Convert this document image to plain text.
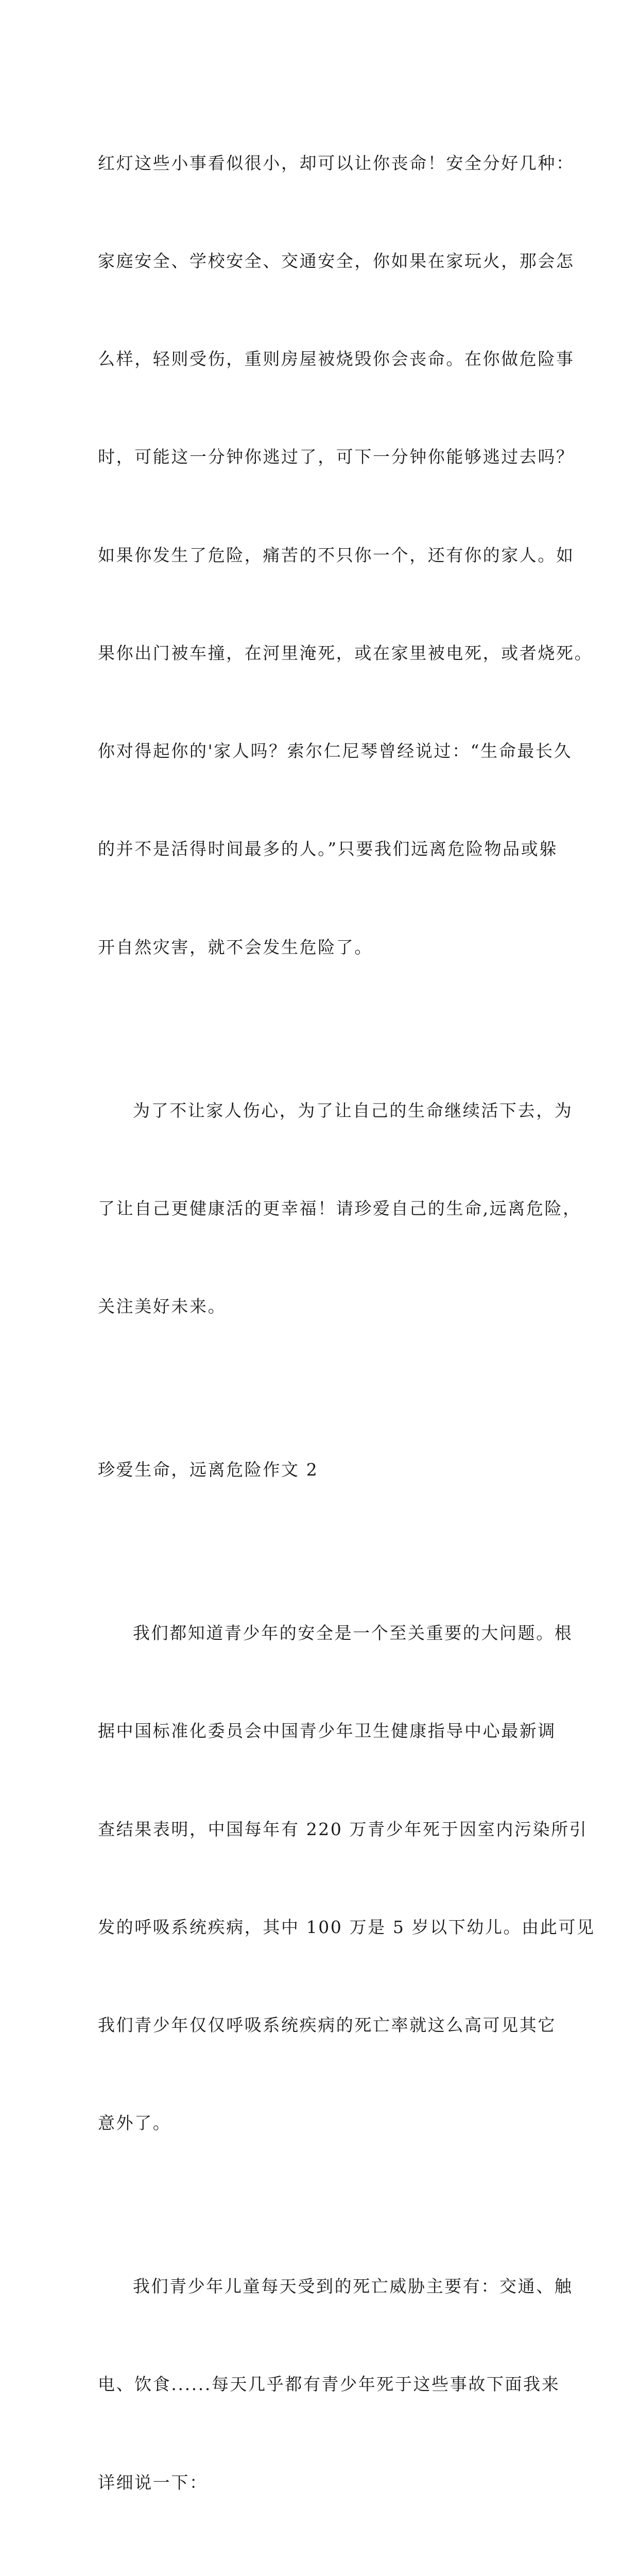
红灯这些小事看似很小，却可以让你丧命！安全分好几种：

家庭安全、学校安全、交通安全，你如果在家玩火，那会怎

么样，轻则受伤，重则房屋被烧毁你会丧命。在你做危险事

时，可能这一分钟你逃过了，可下一分钟你能够逃过去吗？

如果你发生了危险，痛苦的不只你一个，还有你的家人。如

果你出门被车撞，在河里淹死，或在家里被电死，或者烧死。

你对得起你的'家人吗？索尔仁尼琴曾经说过：“生命最长久

的并不是活得时间最多的人。”只要我们远离危险物品或躲

开自然灾害，就不会发生危险了。

为了不让家人伤心，为了让自己的生命继续活下去，为

了让自己更健康活的更幸福！请珍爱自己的生命,远离危险，

关注美好未来。

珍爱生命，远离危险作文 2

我们都知道青少年的安全是一个至关重要的大问题。根

据中国标准化委员会中国青少年卫生健康指导中心最新调

查结果表明，中国每年有 220 万青少年死于因室内污染所引

发的呼吸系统疾病，其中 100 万是 5 岁以下幼儿。由此可见

我们青少年仅仅呼吸系统疾病的死亡率就这么高可见其它

意外了。

我们青少年儿童每天受到的死亡威胁主要有：交通、触

电、饮食......每天几乎都有青少年死于这些事故下面我来

详细说一下：
